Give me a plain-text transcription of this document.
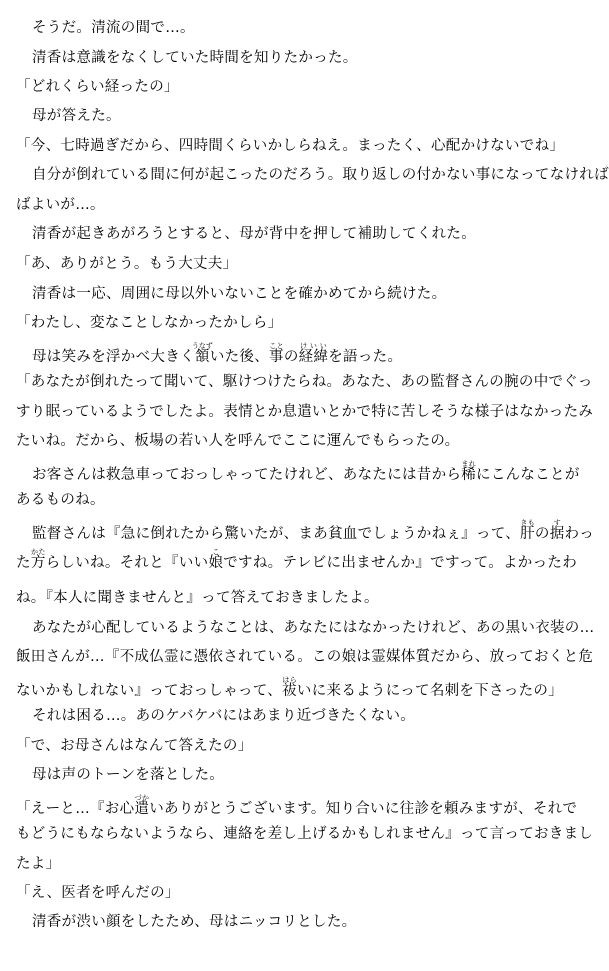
そうだ。清流の間で…。
清香は意識をなくしていた時間を知りたかった。
「どれくらい経ったの」
母が答えた。
「今、七時過ぎだから、四時間くらいかしらねえ。まったく、心配かけないでね」
自分が倒れている間に何が起こったのだろう。取り返しの付かない事になってなければ
ばよいが…。
清香が起きあがろうとすると、母が背中を押して補助してくれた。
「あ、ありがとう。もう大丈夫」
清香は一応、周囲に母以外いないことを確かめてから続けた。
「わたし、変なことしなかったかしら」
母は笑みを浮かべ大きく頷うなずいた後、事ことの経緯けいいを語った。
「あなたが倒れたって聞いて、駆けつけたらね。あなた、あの監督さんの腕の中でぐっ
すり眠っているようでしたよ。表情とか息遣いとかで特に苦しそうな様子はなかったみ
たいね。だから、板場の若い人を呼んでここに運んでもらったの。
お客さんは救急車っておっしゃってたけれど、あなたには昔から稀まれにこんなことが
あるものね。
監督さんは『急に倒れたから驚いたが、まあ貧血でしょうかねぇ』って、肝きもの据すわっ
た方かたらしいね。それと『いい娘こですね。テレビに出ませんか』ですって。よかったわ
ね。『本人に聞きませんと』って答えておきましたよ。
あなたが心配しているようなことは、あなたにはなかったけれど、あの黒い衣装の…
飯田さんが…『不成仏霊に憑依されている。この娘は霊媒体質だから、放っておくと危
ないかもしれない』っておっしゃって、祓はらいに来るようにって名刺を下さったの」
それは困る…。あのケバケバにはあまり近づきたくない。
「で、お母さんはなんて答えたの」
母は声のトーンを落とした。
「えーと…『お心遣づかいありがとうございます。知り合いに往診を頼みますが、それで
もどうにもならないようなら、連絡を差し上げるかもしれません』って言っておきまし
たよ」
「え、医者を呼んだの」
清香が渋い顔をしたため、母はニッコリとした。
